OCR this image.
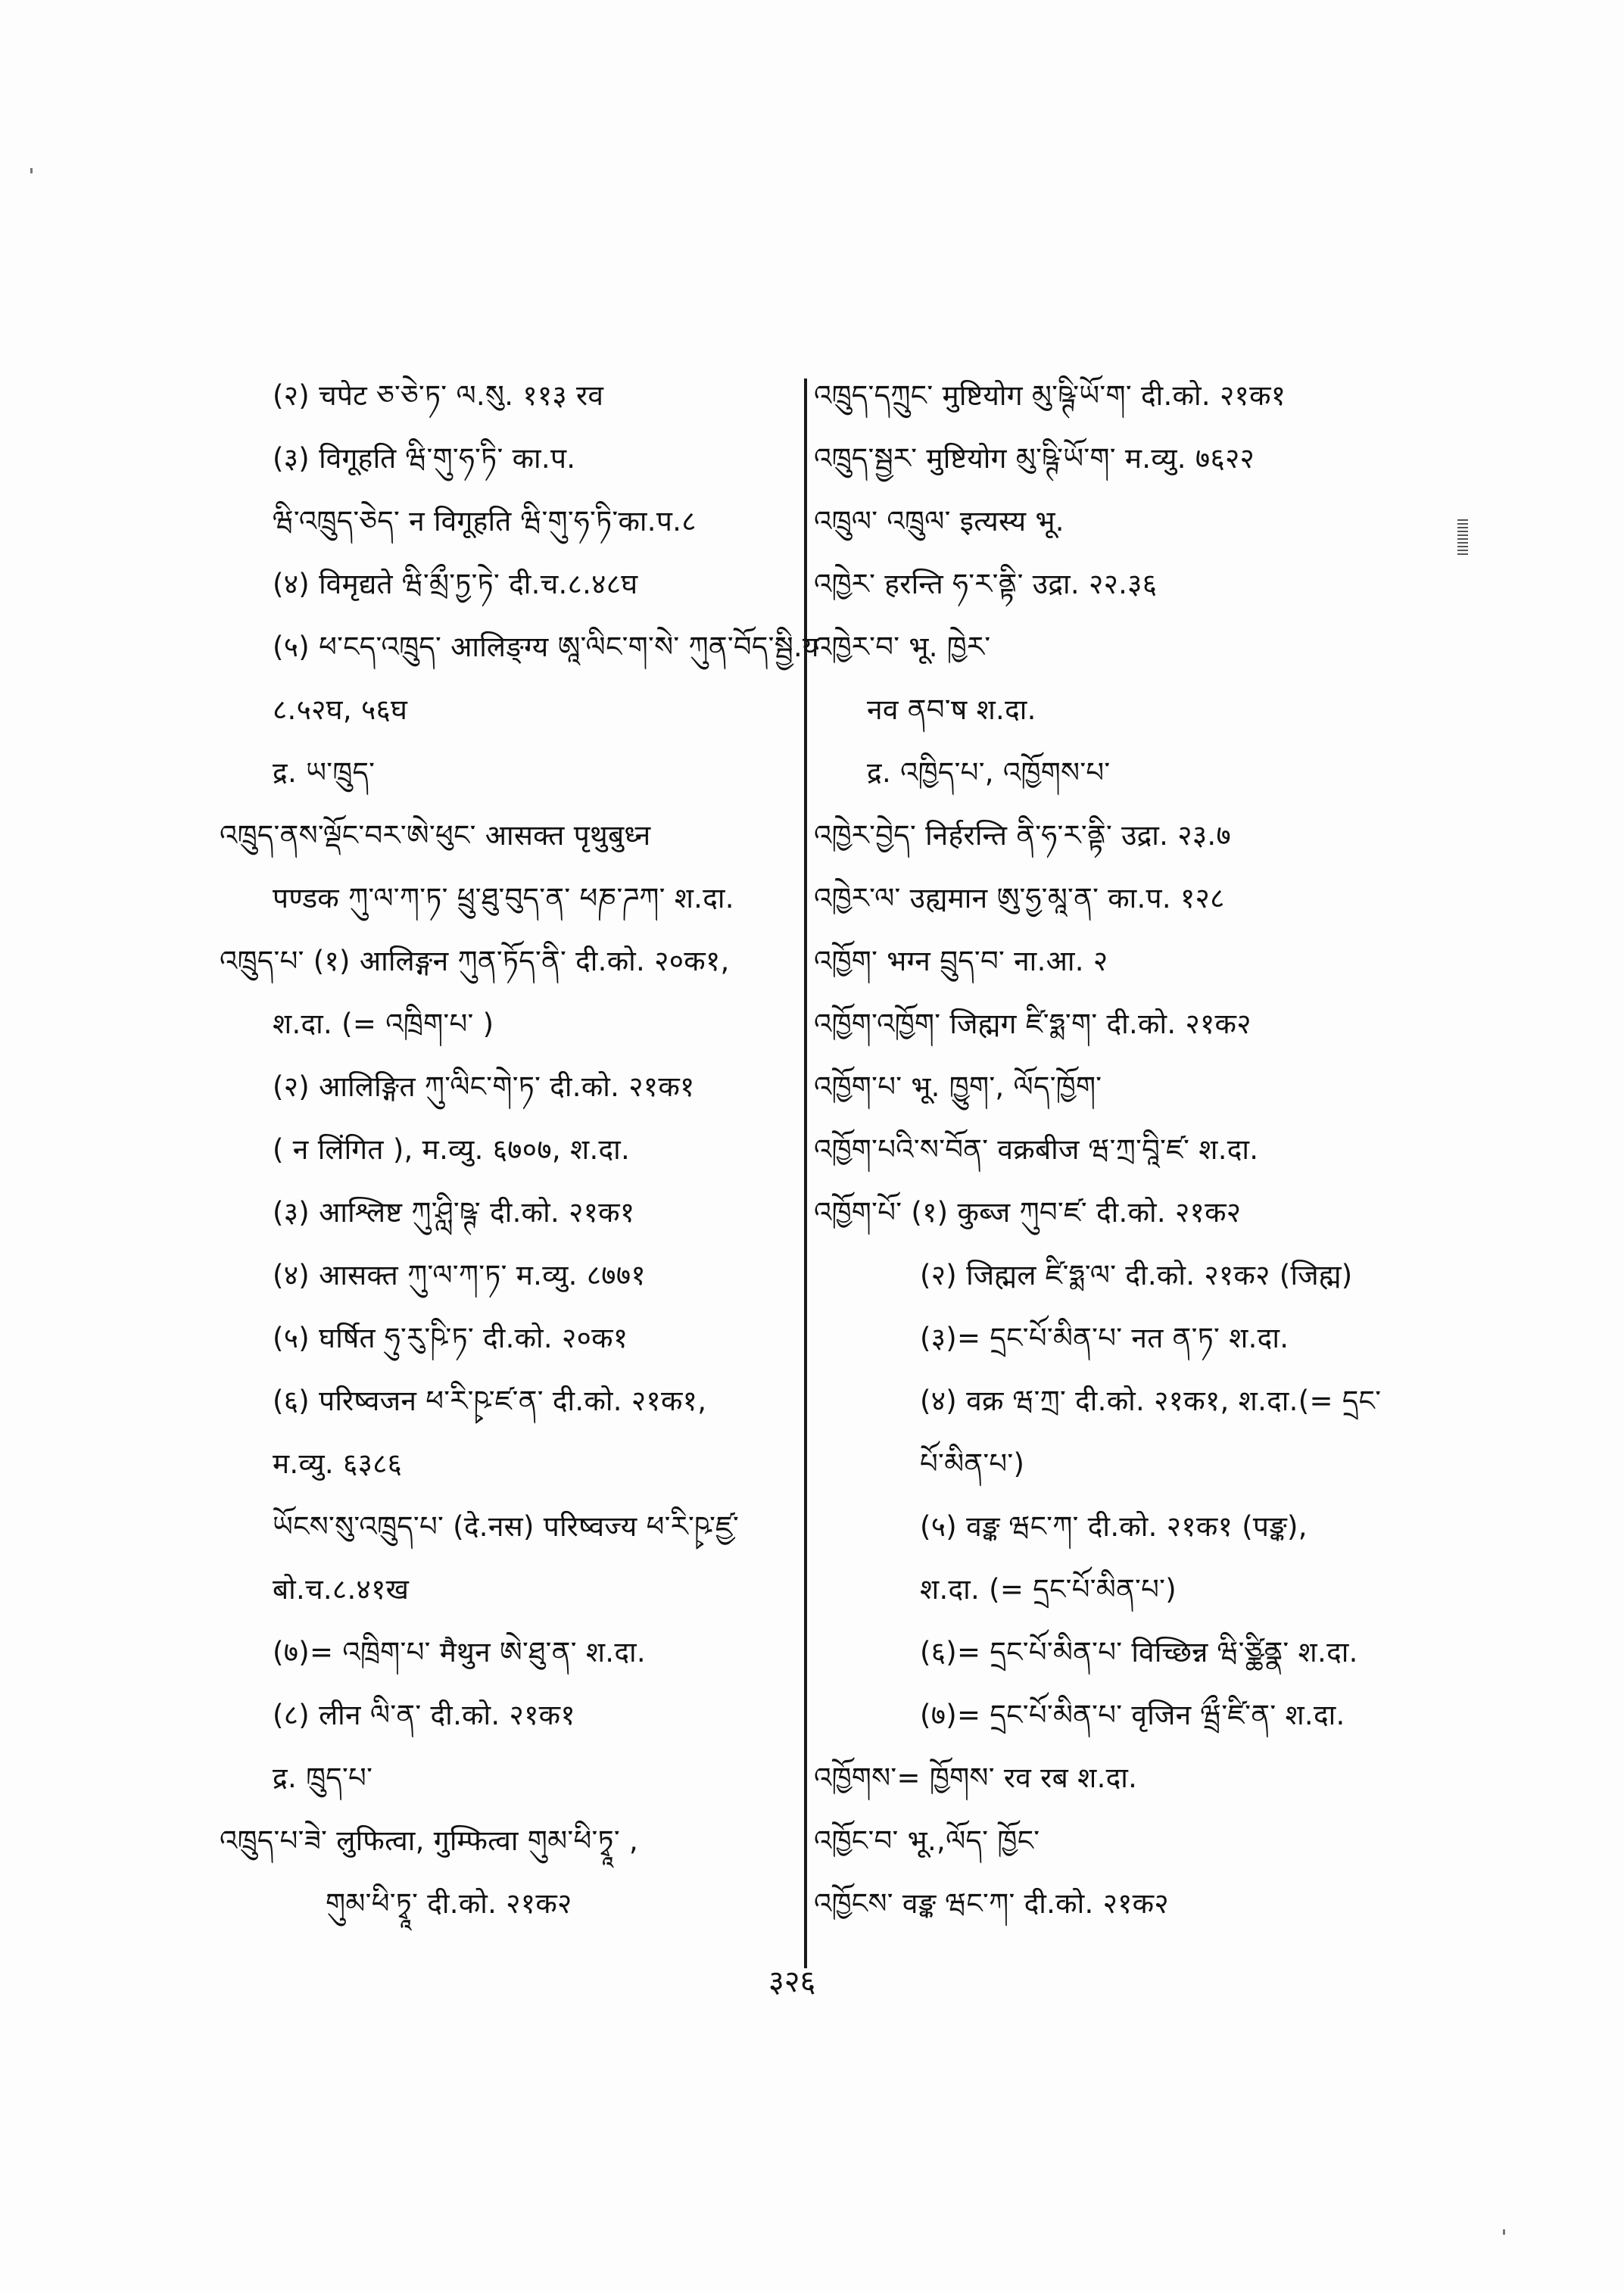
(२) चपेट ཅ་ཅེ་ཏ་ ལ.སུ. ११३ रव
(३) विगूहति ཝི་གུ་ཧ་ཏི་ का.प.
ཝི་འཁྲུད་ཅེད་ न विगूहति ཝི་གུ་ཧ་ཏི་का.प.८
(४) विमृद्यते ཝི་མྲྀ་ཏྱ་ཏེ་ दी.च.८.४८घ
(५) ཕ་ངད་འཁྲུད་ आलिङ्ग्य ཨཱ་ལིང་ག་སེ་ ཀུན་བོད་སྦྱི.य
८.५२घ, ५६घ
द्र. ཡ་ཁྲུད་
འཁྲུད་ནས་ལྡོང་བར་ཨེ་ཕུང་ आसक्त पृथुबुध्न
पण्डक ཀུ་ལ་ཀ་ཏ་ ཕྲུ་ཐུ་བུད་ན་ ཕཎ་ཌཀ་ श.दा.
འཁྲུད་པ་ (१) आलिङ्गन ཀུན་ཏོད་ནི་ दी.को. २०क१,
श.दा. (= འཁྲིག་པ་ )
(२) आलिङ्गित ཀུ་ལིང་གེ་ཏ་ दी.को. २१क१
( न लिंगित ), म.व्यु. ६७०७, श.दा.
(३) आश्लिष्ट ཀུ་ཤླི་ཥྚ་ दी.को. २१क१
(४) आसक्त ཀུ་ལ་ཀ་ཏ་ म.व्यु. ८७७१
(५) घर्षित ཧུ་རུ་ཥི་ཏ་ दी.को. २०क१
(६) परिष्वजन ཕ་རི་ཥྭ་ཛ་ན་ दी.को. २१क१,
म.व्यु. ६३८६
ཡོངས་སུ་འཁྲུད་པ་ (दे.नस) परिष्वज्य ཕ་རི་ཥྭ་ཛྱ་
बो.च.८.४१ख
(७)= འཁྲིག་པ་ मैथुन ཨེ་ཐུ་ན་ श.दा.
(८) लीन ལི་ན་ दी.को. २१क१
द्र. ཁྲུད་པ་
འཁྲུད་པ་ཟེ་ लुफित्वा, गुम्फित्वा གུམ་ཕི་ཏྭཱ་ ,
གུམ་ཕི་ཏྭཱ་ दी.को. २१क२
འཁྲུད་དཀྲུང་ मुष्टियोग མུ་ཥྚི་ཡོ་ག་ दी.को. २१क१
འཁྲུད་སྦྱར་ मुष्टियोग མུ་ཥྚི་ཡོ་ག་ म.व्यु. ७६२२
འཁྲུལ་ འཁྲུལ་ इत्यस्य भू.
འཁྱེར་ हरन्ति ཧ་ར་ནྟི་ उद्रा. २२.३६
འཁྱེར་བ་ भू. ཁྱེར་
नव ནབ་ष श.दा.
द्र. འཁྱིད་པ་, འཁྱོགས་པ་
འཁྱེར་བྱེད་ निर्हरन्ति ནི་ཧ་ར་ནྟི་ उद्रा. २३.७
འཁྱེར་ལ་ उह्यमान ཨུ་ཧྱ་མཱ་ན་ का.प. १२८
འཁྱོག་ भग्न བྲུད་བ་ ना.आ. २
འཁྱོག་འཁྱོག་ जिह्मग ཛི་ཧྨ་ག་ दी.को. २१क२
འཁྱོག་པ་ भू. ཁྱུག་, ལོད་ཁྱོག་
འཁྱོག་པའི་ས་བོན་ वक्रबीज ཝ་ཀྲ་བཱི་ཛ་ श.दा.
འཁྱོག་པོ་ (१) कुब्ज ཀུབ་ཛ་ दी.को. २१क२
(२) जिह्मल ཛི་ཧྨ་ལ་ दी.को. २१क२ (जिह्म)
(३)= དྲང་པོ་མིན་པ་ नत ན་ཏ་ श.दा.
(४) वक्र ཝ་ཀྲ་ दी.को. २१क१, श.दा.(= དྲང་
པོ་མིན་པ་)
(५) वङ्क ཝང་ཀ་ दी.को. २१क१ (पङ्क),
श.दा. (= དྲང་པོ་མིན་པ་)
(६)= དྲང་པོ་མིན་པ་ विच्छिन्न ཝི་ཙྪིནྣ་ श.दा.
(७)= དྲང་པོ་མིན་པ་ वृजिन ཝྲྀ་ཛི་ན་ श.दा.
འཁྱོགས་= ཁྱོགས་ रव रब श.दा.
འཁྱོང་བ་ भू.,ལོད་ ཁྱོང་
འཁྱོངས་ वङ्क ཝང་ཀ་ दी.को. २१क२
३२६
